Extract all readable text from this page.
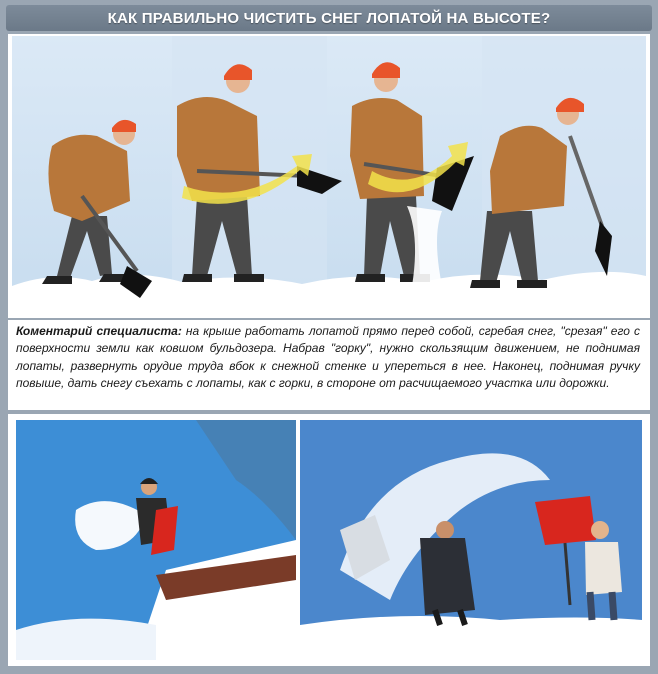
КАК ПРАВИЛЬНО ЧИСТИТЬ СНЕГ ЛОПАТОЙ НА ВЫСОТЕ?

Коментарий специалиста: на крыше работать лопатой прямо перед собой, сгребая снег, "срезая" его с поверхности земли как ковшом бульдозера. Набрав "горку", нужно скользящим движением, не поднимая лопаты, развернуть орудие труда вбок к снежной стенке и упереться в нее. Наконец, поднимая ручку повыше, дать снегу съехать с лопаты, как с горки, в стороне от расчищаемого участка или дорожки.
